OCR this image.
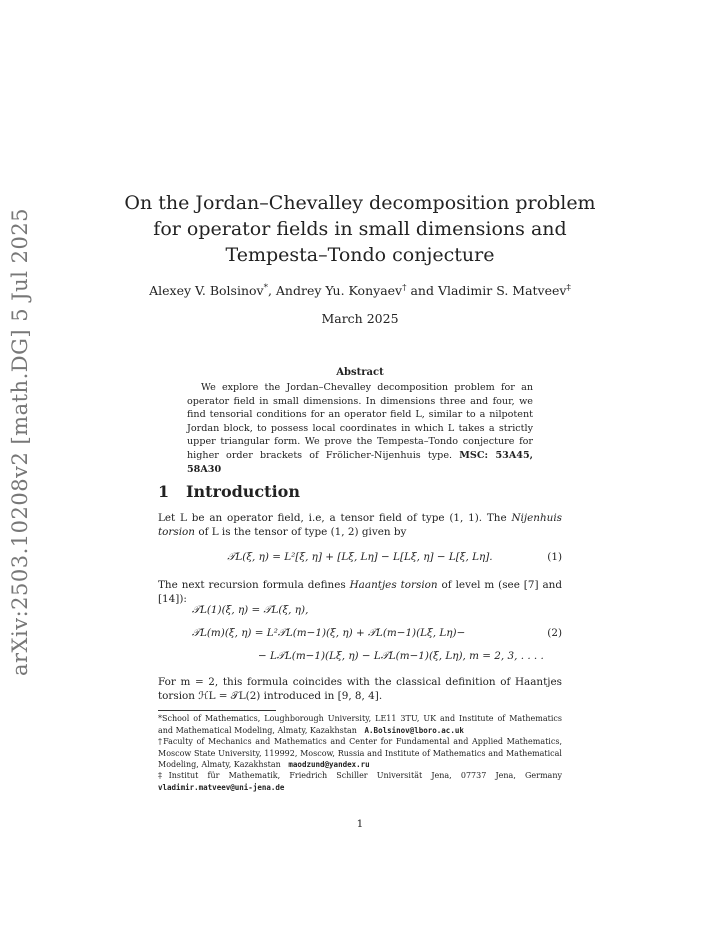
arXiv:2503.10208v2 [math.DG] 5 Jul 2025
On the Jordan–Chevalley decomposition problem
for operator fields in small dimensions and
Tempesta–Tondo conjecture
Alexey V. Bolsinov*, Andrey Yu. Konyaev† and Vladimir S. Matveev‡
March 2025
Abstract
We explore the Jordan–Chevalley decomposition problem for an operator field in small dimensions. In dimensions three and four, we find tensorial conditions for an operator field L, similar to a nilpotent Jordan block, to possess local coordinates in which L takes a strictly upper triangular form. We prove the Tempesta–Tondo conjecture for higher order brackets of Frölicher-Nijenhuis type. MSC: 53A45, 58A30
1 Introduction
Let L be an operator field, i.e, a tensor field of type (1, 1). The Nijenhuis torsion of L is the tensor of type (1, 2) given by
𝒯L(ξ, η) = L²[ξ, η] + [Lξ, Lη] − L[Lξ, η] − L[ξ, Lη].	(1)
The next recursion formula defines Haantjes torsion of level m (see [7] and [14]):
𝒯L(1)(ξ, η) = 𝒯L(ξ, η),
𝒯L(m)(ξ, η) = L²𝒯L(m−1)(ξ, η) + 𝒯L(m−1)(Lξ, Lη)−
− L𝒯L(m−1)(Lξ, η) − L𝒯L(m−1)(ξ, Lη), m = 2, 3, . . . .
(2)
For m = 2, this formula coincides with the classical definition of Haantjes torsion ℋL = 𝒯L(2) introduced in [9, 8, 4].
*School of Mathematics, Loughborough University, LE11 3TU, UK and Institute of Mathematics and Mathematical Modeling, Almaty, Kazakhstan A.Bolsinov@lboro.ac.uk
†Faculty of Mechanics and Mathematics and Center for Fundamental and Applied Mathematics, Moscow State University, 119992, Moscow, Russia and Institute of Mathematics and Mathematical Modeling, Almaty, Kazakhstan maodzund@yandex.ru
‡Institut für Mathematik, Friedrich Schiller Universität Jena, 07737 Jena, Germany vladimir.matveev@uni-jena.de
1
